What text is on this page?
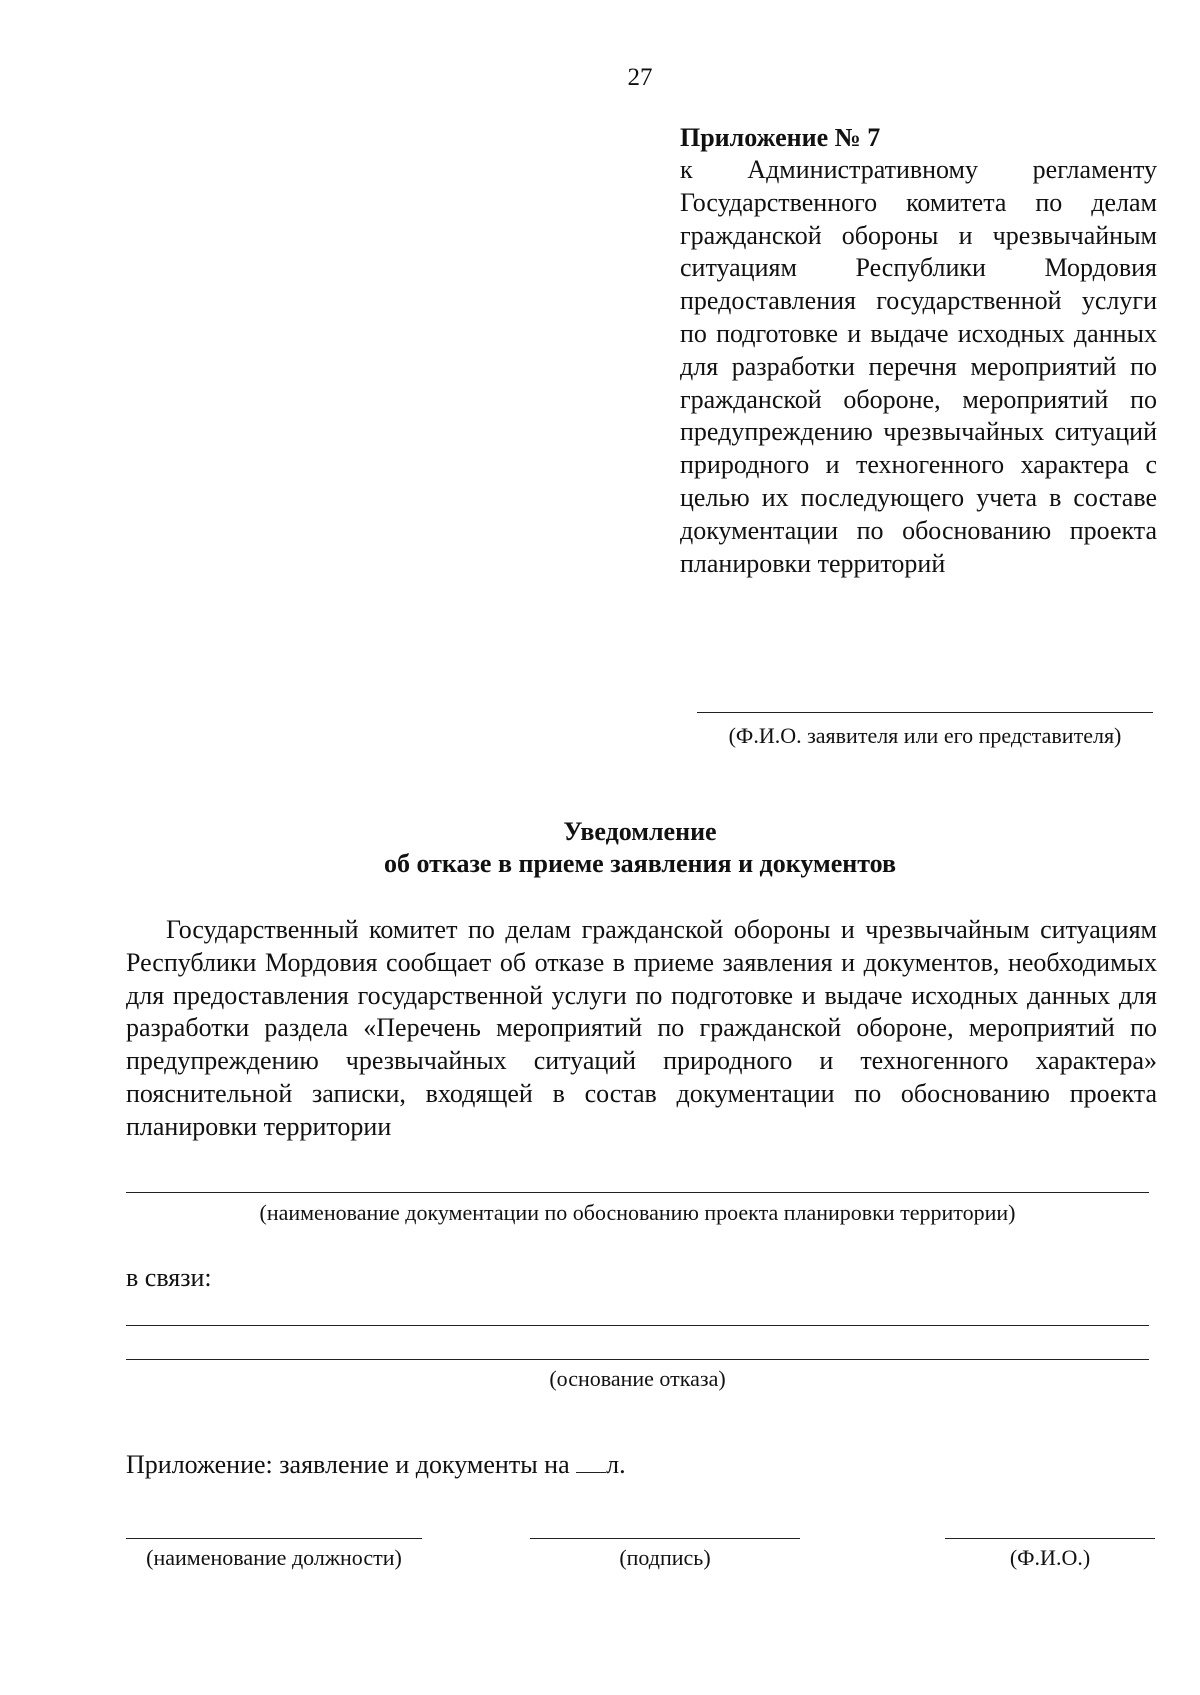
27

Приложение № 7

к Административному регламенту Государственного комитета по делам гражданской обороны и чрезвычайным ситуациям Республики Мордовия предоставления государственной услуги по подготовке и выдаче исходных данных для разработки перечня мероприятий по гражданской обороне, мероприятий по предупреждению чрезвычайных ситуаций природного и техногенного характера с целью их последующего учета в составе документации по обоснованию проекта планировки территорий

(Ф.И.О. заявителя или его представителя)
Уведомление
об отказе в приеме заявления и документов

Государственный комитет по делам гражданской обороны и чрезвычайным ситуациям Республики Мордовия сообщает об отказе в приеме заявления и документов, необходимых для предоставления государственной услуги по подготовке и выдаче исходных данных для разработки раздела «Перечень мероприятий по гражданской обороне, мероприятий по предупреждению чрезвычайных ситуаций природного и техногенного характера» пояснительной записки, входящей в состав документации по обоснованию проекта планировки территории

(наименование документации по обоснованию проекта планировки территории)
в связи:
(основание отказа)
Приложение: заявление и документы на л.
(наименование должности)	(подпись)	(Ф.И.О.)
